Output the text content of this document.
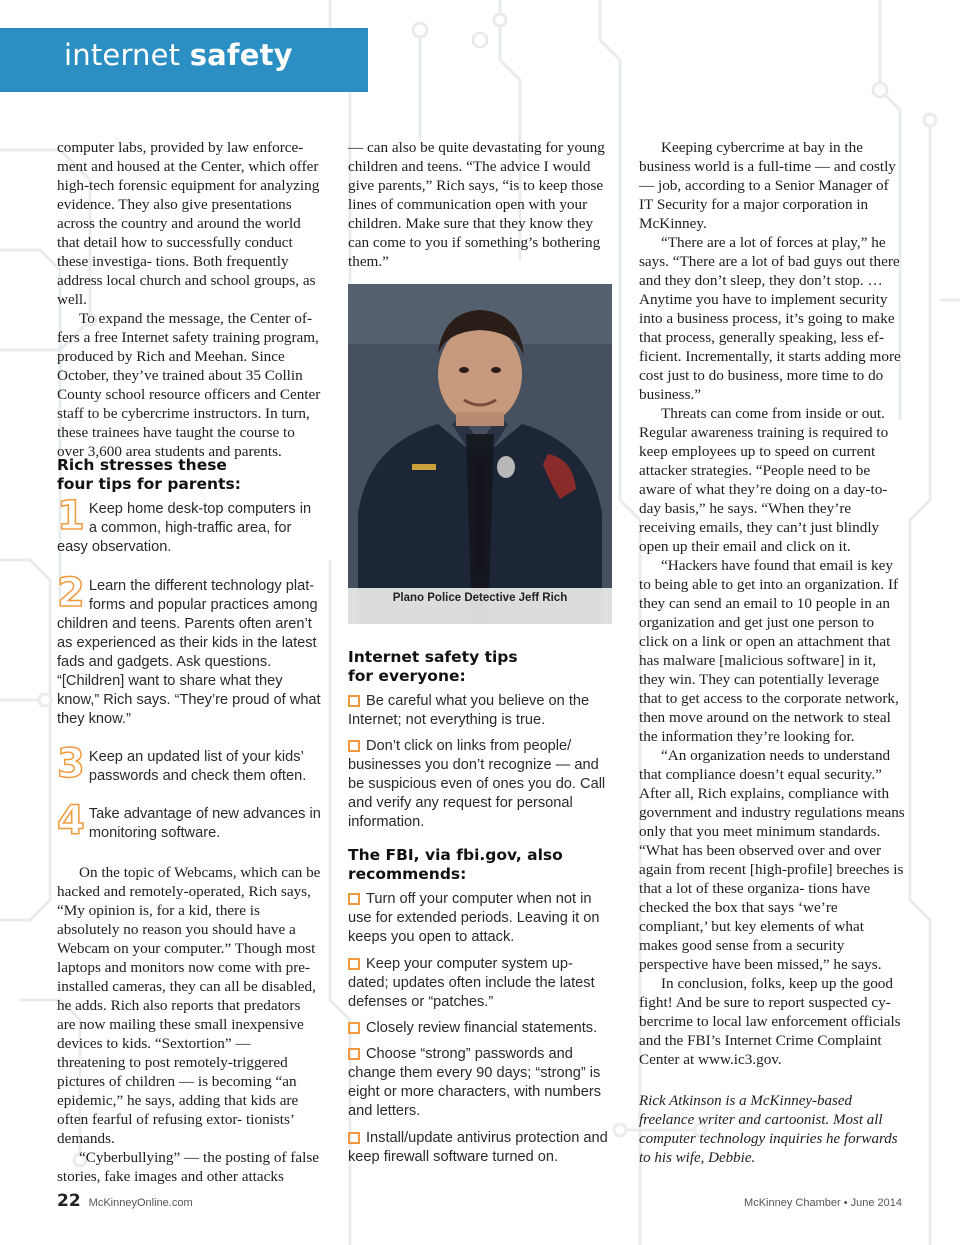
internet safety

computer labs, provided by law enforce- ment and housed at the Center, which offer high-tech forensic equipment for analyzing evidence. They also give presentations across the country and around the world that detail how to successfully conduct these investiga- tions. Both frequently address local church and school groups, as well.

To expand the message, the Center of- fers a free Internet safety training program, produced by Rich and Meehan. Since October, they’ve trained about 35 Collin County school resource officers and Center staff to be cybercrime instructors. In turn, these trainees have taught the course to over 3,600 area students and parents.

Rich stresses these

four tips for parents:

1 Keep home desk-top computers in a common, high-traffic area, for easy observation.

2 Learn the different technology plat- forms and popular practices among children and teens. Parents often aren’t as experienced as their kids in the latest fads and gadgets. Ask questions. “[Children] want to share what they know,” Rich says. “They’re proud of what they know.”

3 Keep an updated list of your kids’ passwords and check them often.

4 Take advantage of new advances in monitoring software.

On the topic of Webcams, which can be hacked and remotely-operated, Rich says, “My opinion is, for a kid, there is absolutely no reason you should have a Webcam on your computer.” Though most laptops and monitors now come with pre-installed cameras, they can all be disabled, he adds. Rich also reports that predators are now mailing these small inexpensive devices to kids. “Sextortion” — threatening to post remotely-triggered pictures of children — is becoming “an epidemic,” he says, adding that kids are often fearful of refusing extor- tionists’ demands.

“Cyberbullying” — the posting of false stories, fake images and other attacks

— can also be quite devastating for young children and teens. “The advice I would give parents,” Rich says, “is to keep those lines of communication open with your children. Make sure that they know they can come to you if something’s bothering them.”

Plano Police Detective Jeff Rich

Internet safety tips

for everyone:

Be careful what you believe on the Internet; not everything is true.

Don’t click on links from people/ businesses you don’t recognize — and be suspicious even of ones you do. Call and verify any request for personal information.

The FBI, via fbi.gov, also

recommends:

Turn off your computer when not in use for extended periods. Leaving it on keeps you open to attack.

Keep your computer system up- dated; updates often include the latest defenses or “patches.”

Closely review financial statements.

Choose “strong” passwords and change them every 90 days; “strong” is eight or more characters, with numbers and letters.

Install/update antivirus protection and keep firewall software turned on.

Keeping cybercrime at bay in the business world is a full-time — and costly — job, according to a Senior Manager of IT Security for a major corporation in McKinney.

“There are a lot of forces at play,” he says. “There are a lot of bad guys out there and they don’t sleep, they don’t stop. … Anytime you have to implement security into a business process, it’s going to make that process, generally speaking, less ef- ficient. Incrementally, it starts adding more cost just to do business, more time to do business.”

Threats can come from inside or out. Regular awareness training is required to keep employees up to speed on current attacker strategies. “People need to be aware of what they’re doing on a day-to- day basis,” he says. “When they’re receiving emails, they can’t just blindly open up their email and click on it.

“Hackers have found that email is key to being able to get into an organization. If they can send an email to 10 people in an organization and get just one person to click on a link or open an attachment that has malware [malicious software] in it, they win. They can potentially leverage that to get access to the corporate network, then move around on the network to steal the information they’re looking for.

“An organization needs to understand that compliance doesn’t equal security.” After all, Rich explains, compliance with government and industry regulations means only that you meet minimum standards. “What has been observed over and over again from recent [high-profile] breeches is that a lot of these organiza- tions have checked the box that says ‘we’re compliant,’ but key elements of what makes good sense from a security perspective have been missed,” he says.

In conclusion, folks, keep up the good fight! And be sure to report suspected cy- bercrime to local law enforcement officials and the FBI’s Internet Crime Complaint Center at www.ic3.gov.

Rick Atkinson is a McKinney-based freelance writer and cartoonist. Most all computer technology inquiries he forwards to his wife, Debbie.

22 McKinneyOnline.com	McKinney Chamber • June 2014
